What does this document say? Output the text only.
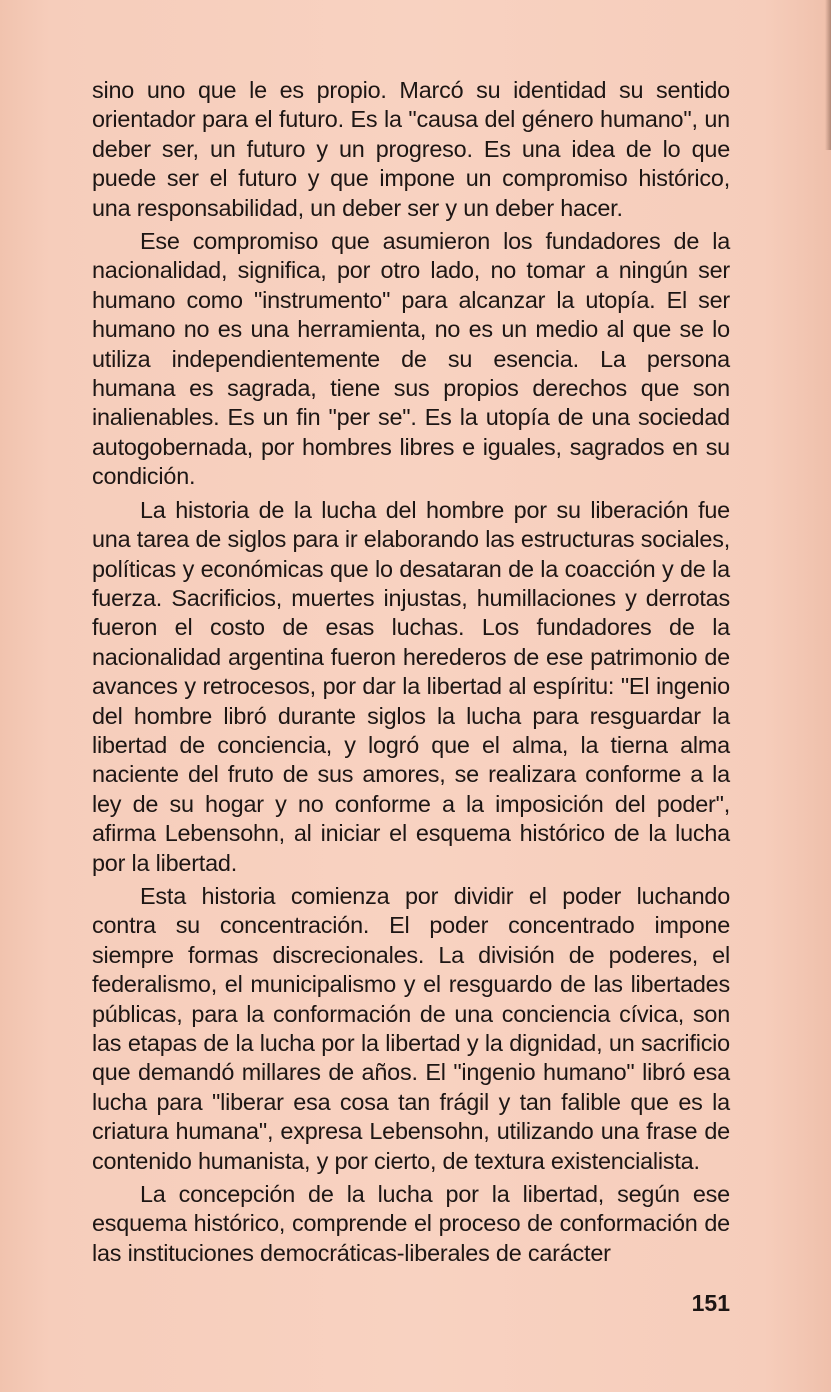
sino uno que le es propio. Marcó su identidad su sentido orientador para el futuro. Es la "causa del género humano", un deber ser, un futuro y un progreso. Es una idea de lo que puede ser el futuro y que impone un compromiso histórico, una responsabilidad, un deber ser y un deber hacer.

Ese compromiso que asumieron los fundadores de la nacionalidad, significa, por otro lado, no tomar a ningún ser humano como "instrumento" para alcanzar la utopía. El ser humano no es una herramienta, no es un medio al que se lo utiliza independientemente de su esencia. La persona humana es sagrada, tiene sus propios derechos que son inalienables. Es un fin "per se". Es la utopía de una sociedad autogobernada, por hombres libres e iguales, sagrados en su condición.

La historia de la lucha del hombre por su liberación fue una tarea de siglos para ir elaborando las estructuras sociales, políticas y económicas que lo desataran de la coacción y de la fuerza. Sacrificios, muertes injustas, humillaciones y derrotas fueron el costo de esas luchas. Los fundadores de la nacionalidad argentina fueron herederos de ese patrimonio de avances y retrocesos, por dar la libertad al espíritu: "El ingenio del hombre libró durante siglos la lucha para resguardar la libertad de conciencia, y logró que el alma, la tierna alma naciente del fruto de sus amores, se realizara conforme a la ley de su hogar y no conforme a la imposición del poder", afirma Lebensohn, al iniciar el esquema histórico de la lucha por la libertad.

Esta historia comienza por dividir el poder luchando contra su concentración. El poder concentrado impone siempre formas discrecionales. La división de poderes, el federalismo, el municipalismo y el resguardo de las libertades públicas, para la conformación de una conciencia cívica, son las etapas de la lucha por la libertad y la dignidad, un sacrificio que demandó millares de años. El "ingenio humano" libró esa lucha para "liberar esa cosa tan frágil y tan falible que es la criatura humana", expresa Lebensohn, utilizando una frase de contenido humanista, y por cierto, de textura existencialista.

La concepción de la lucha por la libertad, según ese esquema histórico, comprende el proceso de conformación de las instituciones democráticas-liberales de carácter

151
